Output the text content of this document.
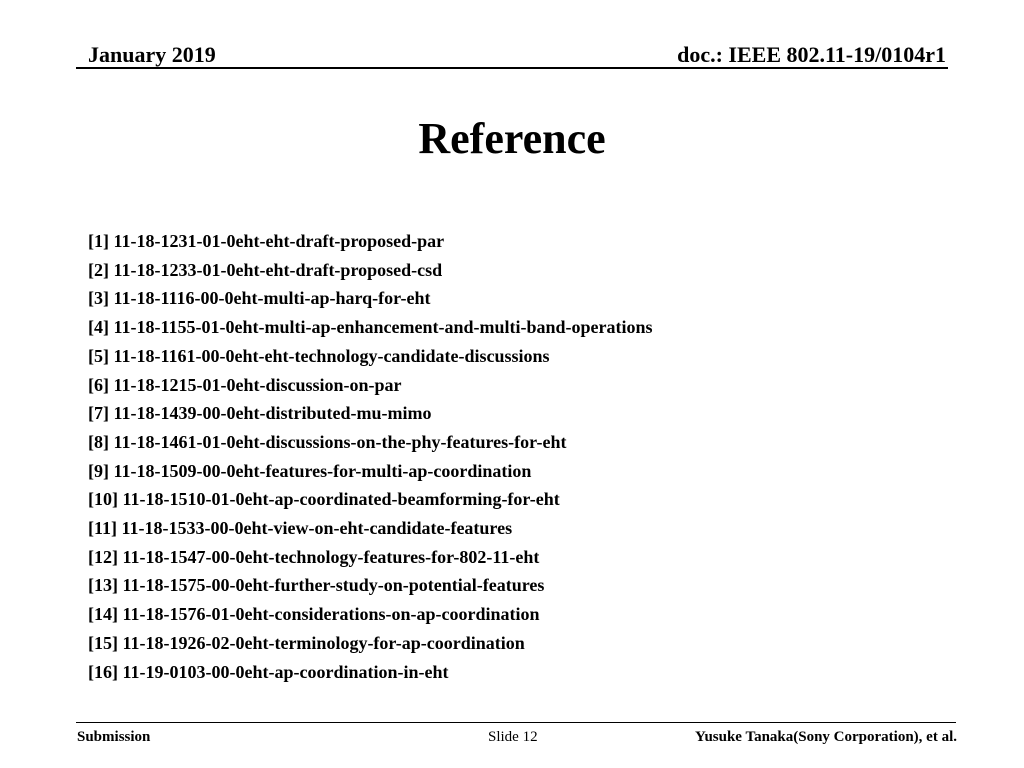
January 2019	doc.: IEEE 802.11-19/0104r1
Reference
[1] 11-18-1231-01-0eht-eht-draft-proposed-par
[2] 11-18-1233-01-0eht-eht-draft-proposed-csd
[3] 11-18-1116-00-0eht-multi-ap-harq-for-eht
[4] 11-18-1155-01-0eht-multi-ap-enhancement-and-multi-band-operations
[5] 11-18-1161-00-0eht-eht-technology-candidate-discussions
[6] 11-18-1215-01-0eht-discussion-on-par
[7] 11-18-1439-00-0eht-distributed-mu-mimo
[8] 11-18-1461-01-0eht-discussions-on-the-phy-features-for-eht
[9] 11-18-1509-00-0eht-features-for-multi-ap-coordination
[10] 11-18-1510-01-0eht-ap-coordinated-beamforming-for-eht
[11] 11-18-1533-00-0eht-view-on-eht-candidate-features
[12] 11-18-1547-00-0eht-technology-features-for-802-11-eht
[13] 11-18-1575-00-0eht-further-study-on-potential-features
[14] 11-18-1576-01-0eht-considerations-on-ap-coordination
[15] 11-18-1926-02-0eht-terminology-for-ap-coordination
[16] 11-19-0103-00-0eht-ap-coordination-in-eht
Submission	Slide 12	Yusuke Tanaka(Sony Corporation), et al.
